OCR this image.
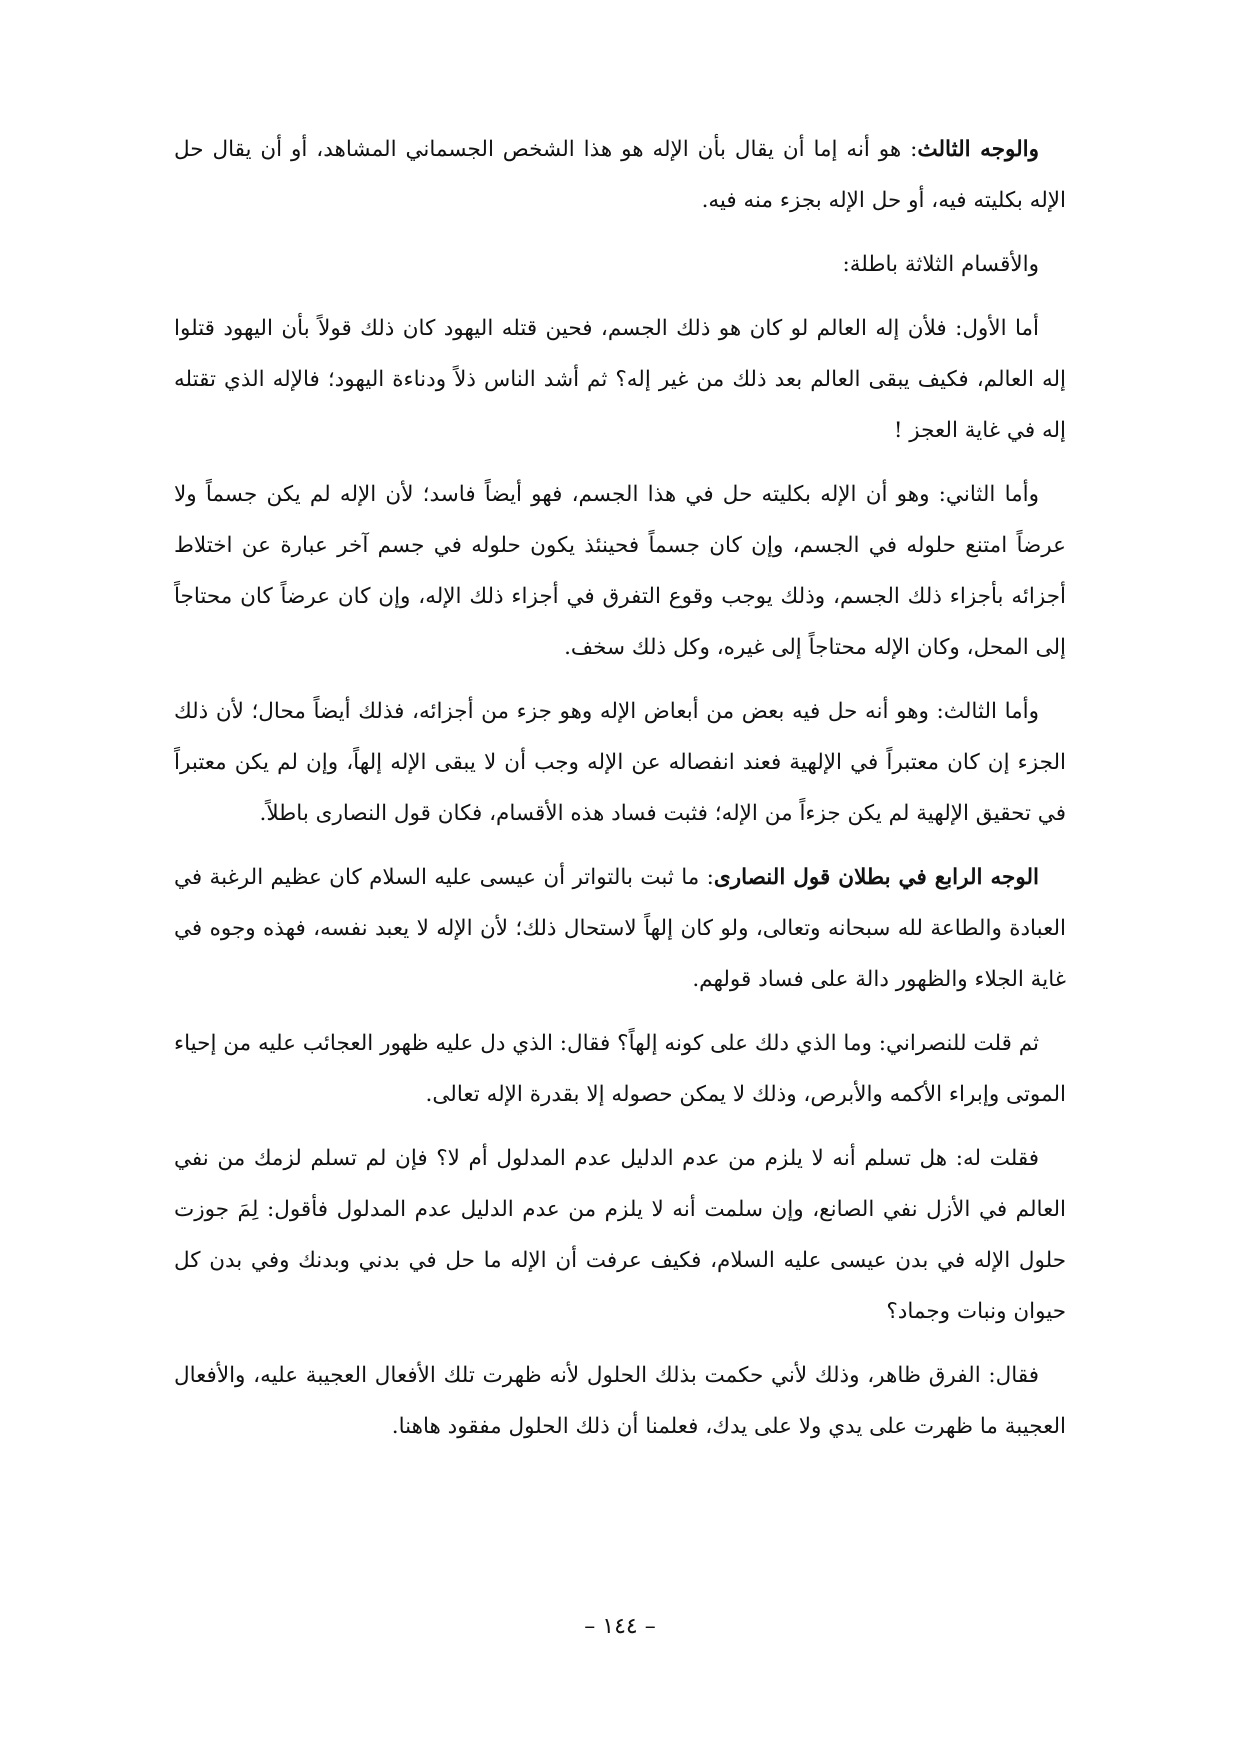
والوجه الثالث: هو أنه إما أن يقال بأن الإله هو هذا الشخص الجسماني المشاهد، أو أن يقال حل الإله بكليته فيه، أو حل الإله بجزء منه فيه.

والأقسام الثلاثة باطلة:

أما الأول: فلأن إله العالم لو كان هو ذلك الجسم، فحين قتله اليهود كان ذلك قولاً بأن اليهود قتلوا إله العالم، فكيف يبقى العالم بعد ذلك من غير إله؟ ثم أشد الناس ذلاً ودناءة اليهود؛ فالإله الذي تقتله إله في غاية العجز !

وأما الثاني: وهو أن الإله بكليته حل في هذا الجسم، فهو أيضاً فاسد؛ لأن الإله لم يكن جسماً ولا عرضاً امتنع حلوله في الجسم، وإن كان جسماً فحينئذ يكون حلوله في جسم آخر عبارة عن اختلاط أجزائه بأجزاء ذلك الجسم، وذلك يوجب وقوع التفرق في أجزاء ذلك الإله، وإن كان عرضاً كان محتاجاً إلى المحل، وكان الإله محتاجاً إلى غيره، وكل ذلك سخف.

وأما الثالث: وهو أنه حل فيه بعض من أبعاض الإله وهو جزء من أجزائه، فذلك أيضاً محال؛ لأن ذلك الجزء إن كان معتبراً في الإلهية فعند انفصاله عن الإله وجب أن لا يبقى الإله إلهاً، وإن لم يكن معتبراً في تحقيق الإلهية لم يكن جزءاً من الإله؛ فثبت فساد هذه الأقسام، فكان قول النصارى باطلاً.

الوجه الرابع في بطلان قول النصارى: ما ثبت بالتواتر أن عيسى عليه السلام كان عظيم الرغبة في العبادة والطاعة لله سبحانه وتعالى، ولو كان إلهاً لاستحال ذلك؛ لأن الإله لا يعبد نفسه، فهذه وجوه في غاية الجلاء والظهور دالة على فساد قولهم.

ثم قلت للنصراني: وما الذي دلك على كونه إلهاً؟ فقال: الذي دل عليه ظهور العجائب عليه من إحياء الموتى وإبراء الأكمه والأبرص، وذلك لا يمكن حصوله إلا بقدرة الإله تعالى.

فقلت له: هل تسلم أنه لا يلزم من عدم الدليل عدم المدلول أم لا؟ فإن لم تسلم لزمك من نفي العالم في الأزل نفي الصانع، وإن سلمت أنه لا يلزم من عدم الدليل عدم المدلول فأقول: لِمَ جوزت حلول الإله في بدن عيسى عليه السلام، فكيف عرفت أن الإله ما حل في بدني وبدنك وفي بدن كل حيوان ونبات وجماد؟

فقال: الفرق ظاهر، وذلك لأني حكمت بذلك الحلول لأنه ظهرت تلك الأفعال العجيبة عليه، والأفعال العجيبة ما ظهرت على يدي ولا على يدك، فعلمنا أن ذلك الحلول مفقود هاهنا.

– ١٤٤ –
